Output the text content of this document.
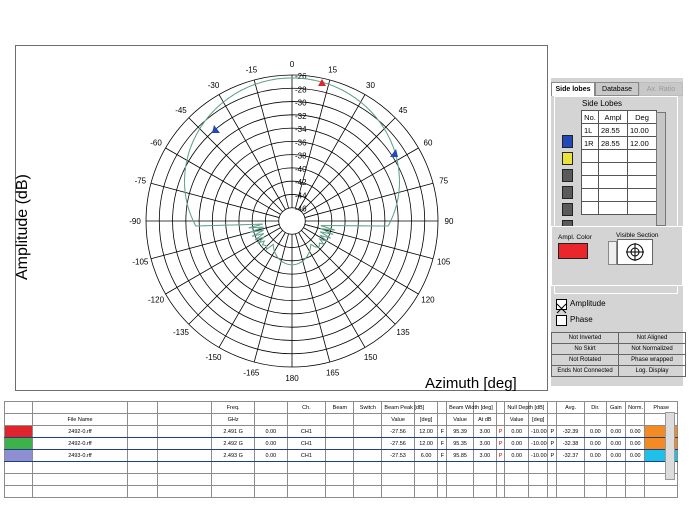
0
15
30
45
60
75
90
105
120
135
150
165
180
-165
-150
-135
-120
-105
-90
-75
-60
-45
-30
-15
-26
-28
-30
-32
-34
-36
-38
-40
-42
-44
-46
Amplitude (dB)
Azimuth [deg]
Side lobes	Database	Ax. Ratio
Side Lobes
No.	Ampl	Deg
1L	28.55	10.00
1R	28.55	12.00

Ampl. Color	Visible Section
Amplitude
Phase
Not Inverted	Not Aligned
No Skirt	Not Normalized
Not Rotated	Phase wrapped
Ends Not Connected	Log. Display
				Freq.		Ch.	Beam	Switch	Beam Peak [dB]			Beam Width [deg]			Null Depth [dB]			Avg.	Dir.	Gain	Norm.	Phase
	File Name			GHz					Value	[deg]		Value	At dB		Value	[deg]						
	2492-0.rff			2.491 G	0.00	CH1			-27.56	12.00	F	95.39	3.00	P	0.00	-10.00	P	-32.39	0.00	0.00	0.00	
	2492-0.rff			2.492 G	0.00	CH1			-27.56	12.00	F	95.35	3.00	P	0.00	-10.00	P	-32.38	0.00	0.00	0.00	
	2493-0.rff			2.493 G	0.00	CH1			-27.53	6.00	F	95.85	3.00	P	0.00	-10.00	P	-32.37	0.00	0.00	0.00	
